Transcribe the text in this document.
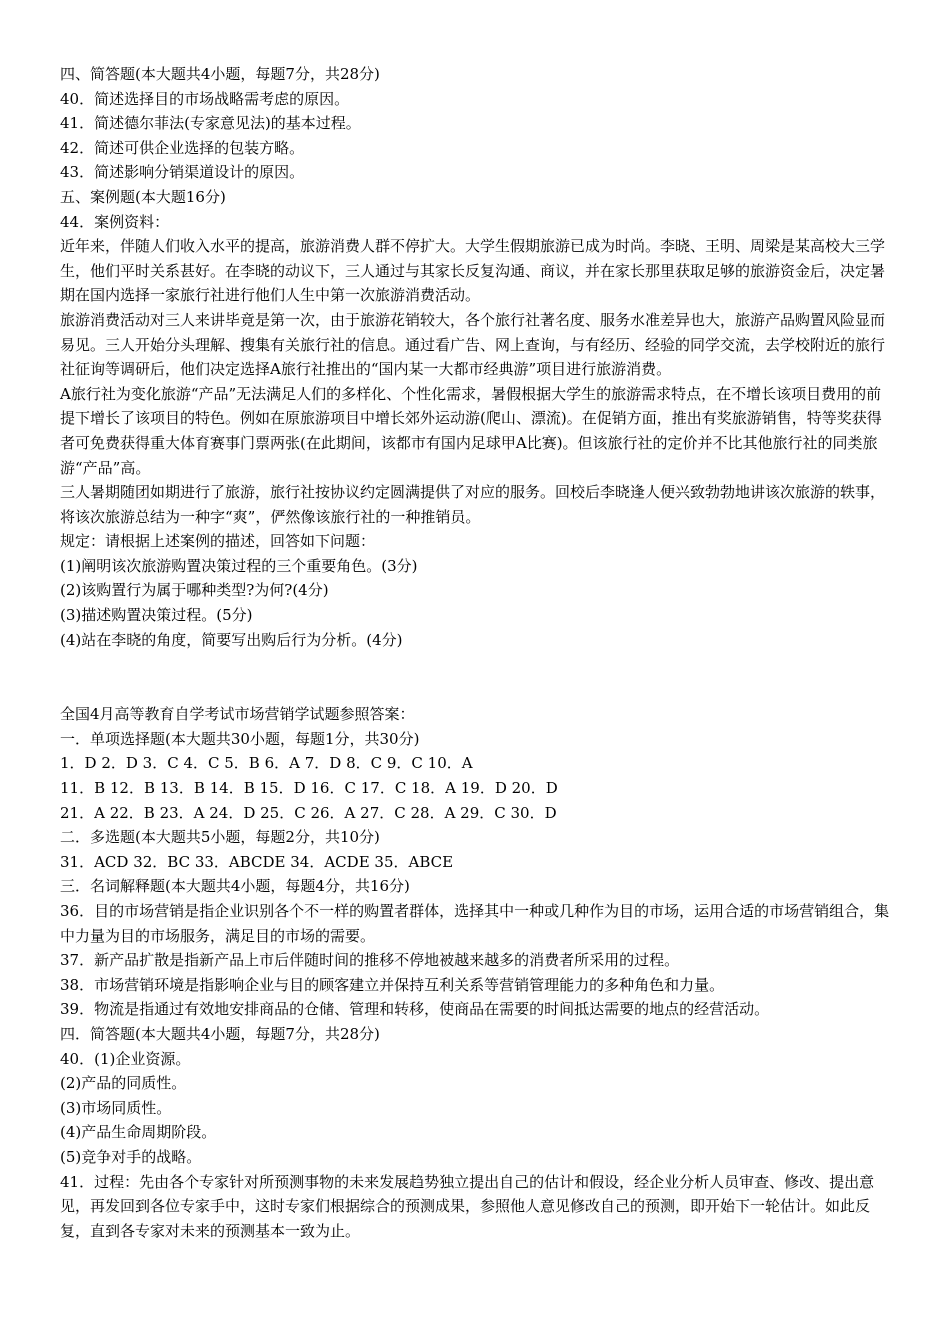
四、简答题(本大题共4小题，每题7分，共28分)

40．简述选择目的市场战略需考虑的原因。

41．简述德尔菲法(专家意见法)的基本过程。

42．简述可供企业选择的包装方略。

43．简述影响分销渠道设计的原因。

五、案例题(本大题16分)

44．案例资料：

近年来，伴随人们收入水平的提高，旅游消费人群不停扩大。大学生假期旅游已成为时尚。李晓、王明、周梁是某高校大三学生，他们平时关系甚好。在李晓的动议下，三人通过与其家长反复沟通、商议，并在家长那里获取足够的旅游资金后，决定暑期在国内选择一家旅行社进行他们人生中第一次旅游消费活动。

旅游消费活动对三人来讲毕竟是第一次，由于旅游花销较大，各个旅行社著名度、服务水准差异也大，旅游产品购置风险显而易见。三人开始分头理解、搜集有关旅行社的信息。通过看广告、网上查询，与有经历、经验的同学交流，去学校附近的旅行社征询等调研后，他们决定选择A旅行社推出的“国内某一大都市经典游”项目进行旅游消费。

A旅行社为变化旅游“产品”无法满足人们的多样化、个性化需求，暑假根据大学生的旅游需求特点，在不增长该项目费用的前提下增长了该项目的特色。例如在原旅游项目中增长郊外运动游(爬山、漂流)。在促销方面，推出有奖旅游销售，特等奖获得者可免费获得重大体育赛事门票两张(在此期间，该都市有国内足球甲A比赛)。但该旅行社的定价并不比其他旅行社的同类旅游“产品”高。

三人暑期随团如期进行了旅游，旅行社按协议约定圆满提供了对应的服务。回校后李晓逢人便兴致勃勃地讲该次旅游的轶事，将该次旅游总结为一种字“爽”，俨然像该旅行社的一种推销员。

规定：请根据上述案例的描述，回答如下问题：

(1)阐明该次旅游购置决策过程的三个重要角色。(3分)

(2)该购置行为属于哪种类型?为何?(4分)

(3)描述购置决策过程。(5分)

(4)站在李晓的角度，简要写出购后行为分析。(4分)

全国4月高等教育自学考试市场营销学试题参照答案：

一．单项选择题(本大题共30小题，每题1分，共30分)

1．D 2．D 3．C 4．C 5．B 6．A 7．D 8．C 9．C 10．A

11．B 12．B 13．B 14．B 15．D 16．C 17．C 18．A 19．D 20．D

21．A 22．B 23．A 24．D 25．C 26．A 27．C 28．A 29．C 30．D

二．多选题(本大题共5小题，每题2分，共10分)

31．ACD 32．BC 33．ABCDE 34．ACDE 35．ABCE

三．名词解释题(本大题共4小题，每题4分，共16分)

36．目的市场营销是指企业识别各个不一样的购置者群体，选择其中一种或几种作为目的市场，运用合适的市场营销组合，集中力量为目的市场服务，满足目的市场的需要。

37．新产品扩散是指新产品上市后伴随时间的推移不停地被越来越多的消费者所采用的过程。

38．市场营销环境是指影响企业与目的顾客建立并保持互利关系等营销管理能力的多种角色和力量。

39．物流是指通过有效地安排商品的仓储、管理和转移，使商品在需要的时间抵达需要的地点的经营活动。

四．简答题(本大题共4小题，每题7分，共28分)

40．(1)企业资源。

(2)产品的同质性。

(3)市场同质性。

(4)产品生命周期阶段。

(5)竞争对手的战略。

41．过程：先由各个专家针对所预测事物的未来发展趋势独立提出自己的估计和假设，经企业分析人员审查、修改、提出意见，再发回到各位专家手中，这时专家们根据综合的预测成果，参照他人意见修改自己的预测，即开始下一轮估计。如此反复，直到各专家对未来的预测基本一致为止。
